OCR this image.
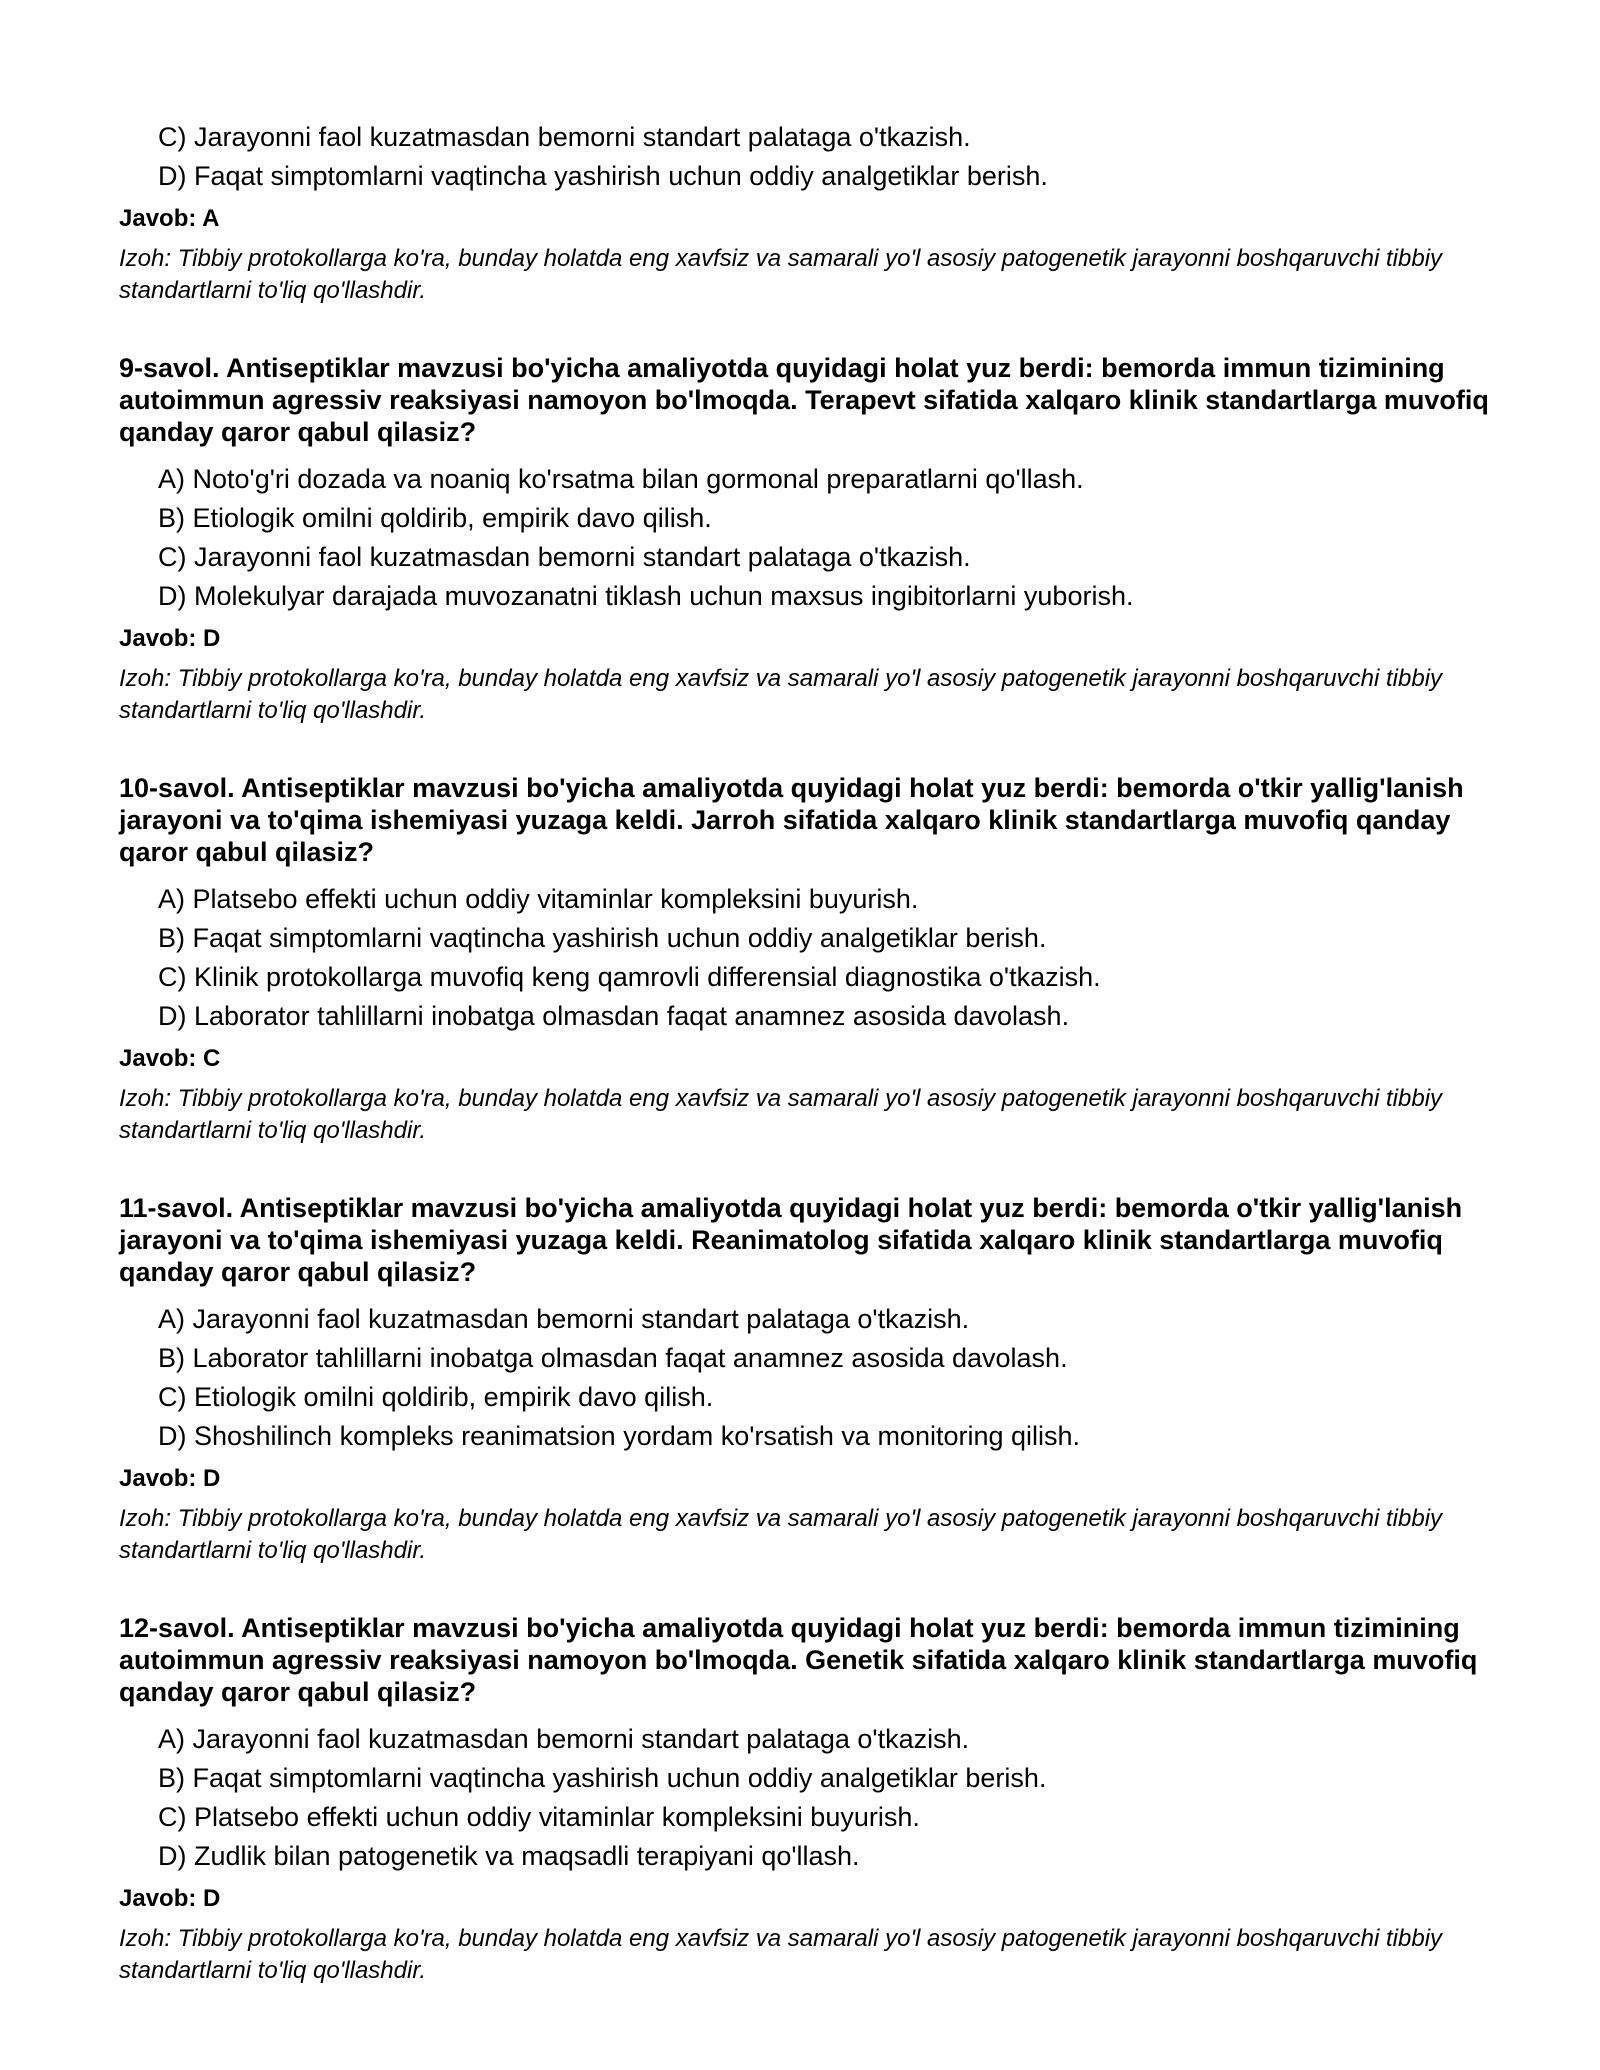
C) Jarayonni faol kuzatmasdan bemorni standart palataga o'tkazish.
D) Faqat simptomlarni vaqtincha yashirish uchun oddiy analgetiklar berish.
Javob: A
Izoh: Tibbiy protokollarga ko'ra, bunday holatda eng xavfsiz va samarali yo'l asosiy patogenetik jarayonni boshqaruvchi tibbiy standartlarni to'liq qo'llashdir.
9-savol. Antiseptiklar mavzusi bo'yicha amaliyotda quyidagi holat yuz berdi: bemorda immun tizimining autoimmun agressiv reaksiyasi namoyon bo'lmoqda. Terapevt sifatida xalqaro klinik standartlarga muvofiq qanday qaror qabul qilasiz?
A) Noto'g'ri dozada va noaniq ko'rsatma bilan gormonal preparatlarni qo'llash.
B) Etiologik omilni qoldirib, empirik davo qilish.
C) Jarayonni faol kuzatmasdan bemorni standart palataga o'tkazish.
D) Molekulyar darajada muvozanatni tiklash uchun maxsus ingibitorlarni yuborish.
Javob: D
Izoh: Tibbiy protokollarga ko'ra, bunday holatda eng xavfsiz va samarali yo'l asosiy patogenetik jarayonni boshqaruvchi tibbiy standartlarni to'liq qo'llashdir.
10-savol. Antiseptiklar mavzusi bo'yicha amaliyotda quyidagi holat yuz berdi: bemorda o'tkir yallig'lanish jarayoni va to'qima ishemiyasi yuzaga keldi. Jarroh sifatida xalqaro klinik standartlarga muvofiq qanday qaror qabul qilasiz?
A) Platsebo effekti uchun oddiy vitaminlar kompleksini buyurish.
B) Faqat simptomlarni vaqtincha yashirish uchun oddiy analgetiklar berish.
C) Klinik protokollarga muvofiq keng qamrovli differensial diagnostika o'tkazish.
D) Laborator tahlillarni inobatga olmasdan faqat anamnez asosida davolash.
Javob: C
Izoh: Tibbiy protokollarga ko'ra, bunday holatda eng xavfsiz va samarali yo'l asosiy patogenetik jarayonni boshqaruvchi tibbiy standartlarni to'liq qo'llashdir.
11-savol. Antiseptiklar mavzusi bo'yicha amaliyotda quyidagi holat yuz berdi: bemorda o'tkir yallig'lanish jarayoni va to'qima ishemiyasi yuzaga keldi. Reanimatolog sifatida xalqaro klinik standartlarga muvofiq qanday qaror qabul qilasiz?
A) Jarayonni faol kuzatmasdan bemorni standart palataga o'tkazish.
B) Laborator tahlillarni inobatga olmasdan faqat anamnez asosida davolash.
C) Etiologik omilni qoldirib, empirik davo qilish.
D) Shoshilinch kompleks reanimatsion yordam ko'rsatish va monitoring qilish.
Javob: D
Izoh: Tibbiy protokollarga ko'ra, bunday holatda eng xavfsiz va samarali yo'l asosiy patogenetik jarayonni boshqaruvchi tibbiy standartlarni to'liq qo'llashdir.
12-savol. Antiseptiklar mavzusi bo'yicha amaliyotda quyidagi holat yuz berdi: bemorda immun tizimining autoimmun agressiv reaksiyasi namoyon bo'lmoqda. Genetik sifatida xalqaro klinik standartlarga muvofiq qanday qaror qabul qilasiz?
A) Jarayonni faol kuzatmasdan bemorni standart palataga o'tkazish.
B) Faqat simptomlarni vaqtincha yashirish uchun oddiy analgetiklar berish.
C) Platsebo effekti uchun oddiy vitaminlar kompleksini buyurish.
D) Zudlik bilan patogenetik va maqsadli terapiyani qo'llash.
Javob: D
Izoh: Tibbiy protokollarga ko'ra, bunday holatda eng xavfsiz va samarali yo'l asosiy patogenetik jarayonni boshqaruvchi tibbiy standartlarni to'liq qo'llashdir.
